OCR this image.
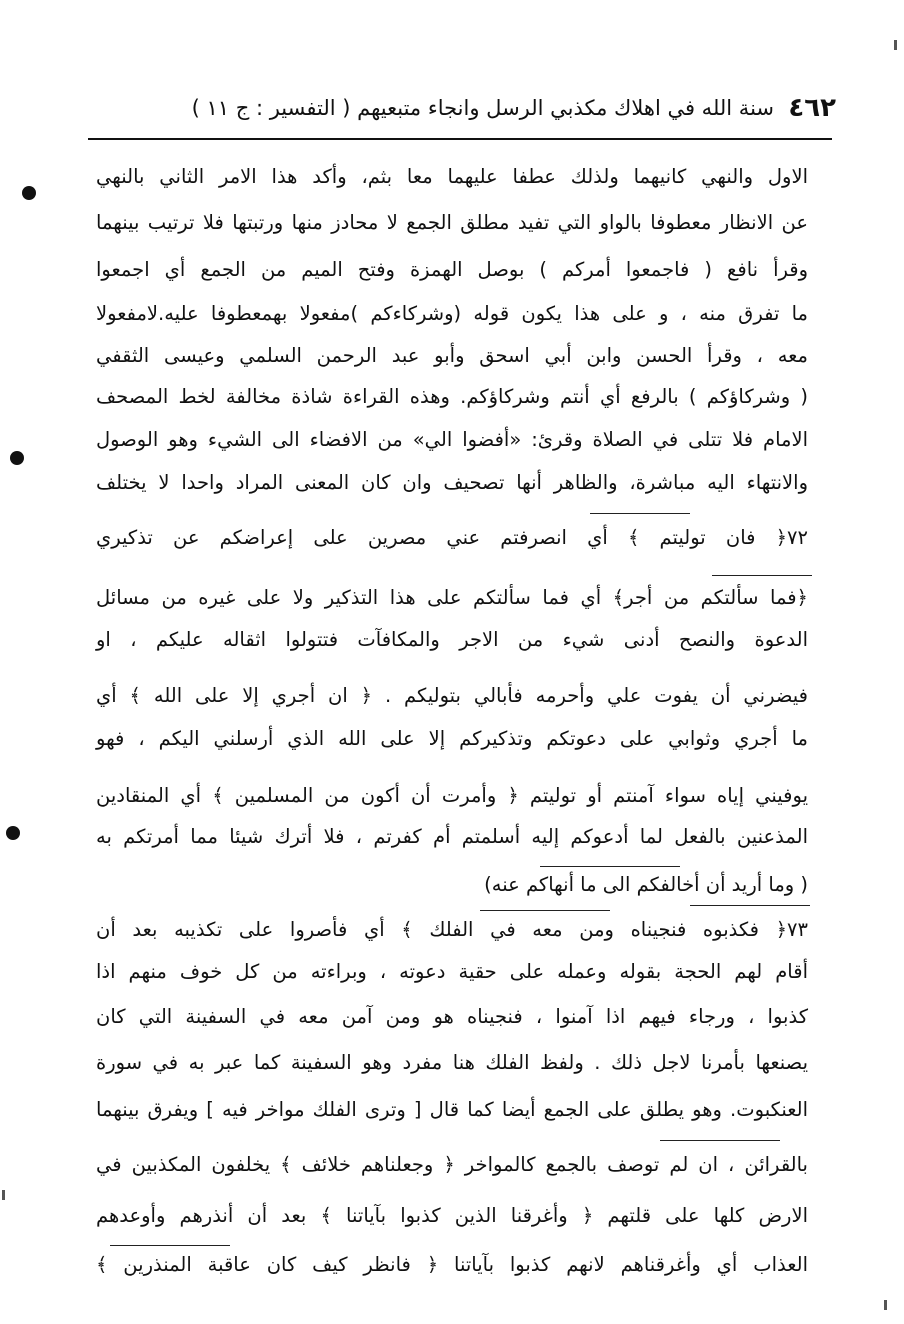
٤٦٢
سنة الله في اهلاك مكذبي الرسل وانجاء متبعيهم ( التفسير : ج ١١ )
الاول والنهي كانيهما ولذلك عطفا عليهما معا بثم، وأكد هذا الامر الثاني بالنهي
عن الانظار معطوفا بالواو التي تفيد مطلق الجمع لا محادز منها ورتبتها فلا ترتيب بينهما
وقرأ نافع ( فاجمعوا أمركم ) بوصل الهمزة وفتح الميم من الجمع أي اجمعوا
ما تفرق منه ، و على هذا يكون قوله (وشركاءكم )مفعولا بهمعطوفا عليه.لامفعولا
معه ، وقرأ الحسن وابن أبي اسحق وأبو عبد الرحمن السلمي وعيسى الثقفي
( وشركاؤكم ) بالرفع أي أنتم وشركاؤكم. وهذه القراءة شاذة مخالفة لخط المصحف
الامام فلا تتلى في الصلاة وقرئ: «أفضوا الي» من الافضاء الى الشيء وهو الوصول
والانتهاء اليه مباشرة، والظاهر أنها تصحيف وان كان المعنى المراد واحدا لا يختلف
٧٢﴿ فان توليتم ﴾ أي انصرفتم عني مصرين على إعراضكم عن تذكيري
﴿فما سألتكم من أجر﴾ أي فما سألتكم على هذا التذكير ولا على غيره من مسائل
الدعوة والنصح أدنى شيء من الاجر والمكافآت فتتولوا اثقاله عليكم ، او
فيضرني أن يفوت علي وأحرمه فأبالي بتوليكم . ﴿ ان أجري إلا على الله ﴾ أي
ما أجري وثوابي على دعوتكم وتذكيركم إلا على الله الذي أرسلني اليكم ، فهو
يوفيني إياه سواء آمنتم أو توليتم ﴿ وأمرت أن أكون من المسلمين ﴾ أي المنقادين
المذعنين بالفعل لما أدعوكم إليه أسلمتم أم كفرتم ، فلا أترك شيئا مما أمرتكم به
( وما أريد أن أخالفكم الى ما أنهاكم عنه)
٧٣﴿ فكذبوه فنجيناه ومن معه في الفلك ﴾ أي فأصروا على تكذيبه بعد أن
أقام لهم الحجة بقوله وعمله على حقية دعوته ، وبراءته من كل خوف منهم اذا
كذبوا ، ورجاء فيهم اذا آمنوا ، فنجيناه هو ومن آمن معه في السفينة التي كان
يصنعها بأمرنا لاجل ذلك . ولفظ الفلك هنا مفرد وهو السفينة كما عبر به في سورة
العنكبوت. وهو يطلق على الجمع أيضا كما قال [ وترى الفلك مواخر فيه ] ويفرق بينهما
بالقرائن ، ان لم توصف بالجمع كالمواخر ﴿ وجعلناهم خلائف ﴾ يخلفون المكذبين في
الارض كلها على قلتهم ﴿ وأغرقنا الذين كذبوا بآياتنا ﴾ بعد أن أنذرهم وأوعدهم
العذاب أي وأغرقناهم لانهم كذبوا بآياتنا ﴿ فانظر كيف كان عاقبة المنذرين ﴾
